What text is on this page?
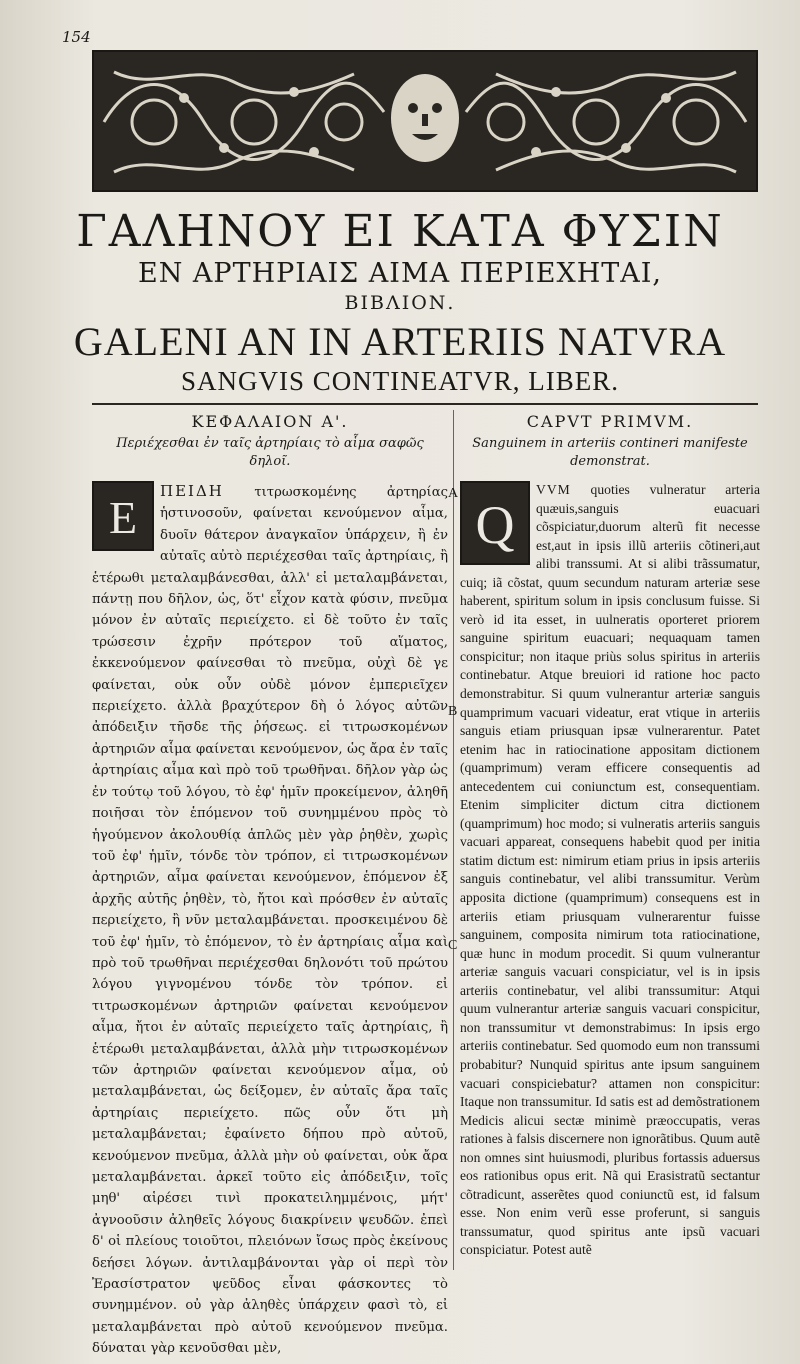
154
ΓΑΛΗΝΟΥ ΕΙ ΚΑΤΑ ΦΥΣΙΝ
ΕΝ ΑΡΤΗΡΙΑΙΣ ΑΙΜΑ ΠΕΡΙΕΧΗΤΑΙ,
ΒΙΒΛΙΟΝ.
GALENI AN IN ARTERIIS NATVRA
SANGVIS CONTINEATVR, LIBER.
ΚΕΦΑΛΑΙΟΝ Α'.
Περιέχεσθαι ἐν ταῖς ἀρτηρίαις τὸ αἷμα σαφῶς δηλοῖ.
Ε

ΠΕΙΔΗ τιτρωσκομένης ἀρτηρίας ἡστινοσοῦν, φαίνεται κενούμενον αἷμα, δυοῖν θάτερον ἀναγκαῖον ὑπάρχειν, ἢ ἐν αὐταῖς αὐτὸ περιέχεσθαι ταῖς ἀρτηρίαις, ἢ ἑτέρωθι μεταλαμβάνεσθαι, ἀλλ' εἰ μεταλαμβάνεται, πάντῃ που δῆλον, ὡς, ὅτ' εἶχον κατὰ φύσιν, πνεῦμα μόνον ἐν αὐταῖς περιείχετο. εἰ δὲ τοῦτο ἐν ταῖς τρώσεσιν ἐχρῆν πρότερον τοῦ αἵματος, ἐκκενούμενον φαίνεσθαι τὸ πνεῦμα, οὐχὶ δὲ γε φαίνεται, οὐκ οὖν οὐδὲ μόνον ἐμπεριεῖχεν περιείχετο. ἀλλὰ βραχύτερον δὴ ὁ λόγος αὐτῶν ἀπόδειξιν τῆσδε τῆς ῥήσεως. εἰ τιτρωσκομένων ἀρτηριῶν αἷμα φαίνεται κενούμενον, ὡς ἄρα ἐν ταῖς ἀρτηρίαις αἷμα καὶ πρὸ τοῦ τρωθῆναι. δῆλον γὰρ ὡς ἐν τούτῳ τοῦ λόγου, τὸ ἐφ' ἡμῖν προκείμενον, ἀληθῆ ποιῆσαι τὸν ἑπόμενον τοῦ συνημμένου πρὸς τὸ ἡγούμενον ἀκολουθίᾳ ἁπλῶς μὲν γὰρ ῥηθὲν, χωρὶς τοῦ ἐφ' ἡμῖν, τόνδε τὸν τρόπον, εἰ τιτρωσκομένων ἀρτηριῶν, αἷμα φαίνεται κενούμενον, ἑπόμενον ἐξ ἀρχῆς αὐτῆς ῥηθὲν, τὸ, ἤτοι καὶ πρόσθεν ἐν αὐταῖς περιείχετο, ἢ νῦν μεταλαμβάνεται. προσκειμένου δὲ τοῦ ἐφ' ἡμῖν, τὸ ἑπόμενον, τὸ ἐν ἀρτηρίαις αἷμα καὶ πρὸ τοῦ τρωθῆναι περιέχεσθαι δηλονότι τοῦ πρώτου λόγου γιγνομένου τόνδε τὸν τρόπον. εἰ τιτρωσκομένων ἀρτηριῶν φαίνεται κενούμενον αἷμα, ἤτοι ἐν αὐταῖς περιείχετο ταῖς ἀρτηρίαις, ἢ ἑτέρωθι μεταλαμβάνεται, ἀλλὰ μὴν τιτρωσκομένων τῶν ἀρτηριῶν φαίνεται κενούμενον αἷμα, οὐ μεταλαμβάνεται, ὡς δείξομεν, ἐν αὐταῖς ἄρα ταῖς ἀρτηρίαις περιείχετο. πῶς οὖν ὅτι μὴ μεταλαμβάνεται; ἐφαίνετο δήπου πρὸ αὐτοῦ, κενούμενον πνεῦμα, ἀλλὰ μὴν οὐ φαίνεται, οὐκ ἄρα μεταλαμβάνεται. ἀρκεῖ τοῦτο εἰς ἀπόδειξιν, τοῖς μηθ' αἱρέσει τινὶ προκατειλημμένοις, μήτ' ἀγνοοῦσιν ἀληθεῖς λόγους διακρίνειν ψευδῶν. ἐπεὶ δ' οἱ πλείους τοιοῦτοι, πλειόνων ἴσως πρὸς ἐκείνους δεήσει λόγων. ἀντιλαμβάνονται γὰρ οἱ περὶ τὸν Ἐρασίστρατον ψεῦδος εἶναι φάσκοντες τὸ συνημμένον. οὐ γὰρ ἀληθὲς ὑπάρχειν φασὶ τὸ, εἰ μεταλαμβάνεται πρὸ αὐτοῦ κενούμενον πνεῦμα. δύναται γὰρ κενοῦσθαι μὲν,

A
B
C
CAPVT PRIMVM.
Sanguinem in arteriis contineri manifeste demonstrat.
Q

VVM quoties vulneratur arteria quæuis,sanguis euacuari cõspiciatur,duorum alterũ fit necesse est,aut in ipsis illũ arteriis cõtineri,aut alibi transsumi. At si alibi trãssumatur, cuiq; iã cõstat, quum secundum naturam arteriæ sese haberent, spiritum solum in ipsis conclusum fuisse. Si verò id ita esset, in uulneratis oporteret priorem sanguine spiritum euacuari; nequaquam tamen conspicitur; non itaque priùs solus spiritus in arteriis continebatur. Atque breuiori id ratione hoc pacto demonstrabitur. Si quum vulnerantur arteriæ sanguis quamprimum vacuari videatur, erat vtique in arteriis sanguis etiam priusquan ipsæ vulnerarentur. Patet etenim hac in ratiocinatione appositam dictionem (quamprimum) veram efficere consequentis ad antecedentem cui coniunctum est, consequentiam. Etenim simpliciter dictum citra dictionem (quamprimum) hoc modo; si vulneratis arteriis sanguis vacuari appareat, consequens habebit quod per initia statim dictum est: nimirum etiam prius in ipsis arteriis sanguis continebatur, vel alibi transsumitur. Verùm apposita dictione (quamprimum) consequens est in arteriis etiam priusquam vulnerarentur fuisse sanguinem, composita nimirum tota ratiocinatione, quæ hunc in modum procedit. Si quum vulnerantur arteriæ sanguis vacuari conspiciatur, vel is in ipsis arteriis continebatur, vel alibi transsumitur: Atqui quum vulnerantur arteriæ sanguis vacuari conspicitur, non transsumitur vt demonstrabimus: In ipsis ergo arteriis continebatur. Sed quomodo eum non transsumi probabitur? Nunquid spiritus ante ipsum sanguinem vacuari conspiciebatur? attamen non conspicitur: Itaque non transsumitur. Id satis est ad demõstrationem Medicis alicui sectæ minimè præoccupatis, veras rationes à falsis discernere non ignorãtibus. Quum autẽ non omnes sint huiusmodi, pluribus fortassis aduersus eos rationibus opus erit. Nã qui Erasistratũ sectantur cõtradicunt, asserẽtes quod coniunctũ est, id falsum esse. Non enim verũ esse proferunt, si sanguis transsumatur, quod spiritus ante ipsũ vacuari conspiciatur. Potest autẽ
